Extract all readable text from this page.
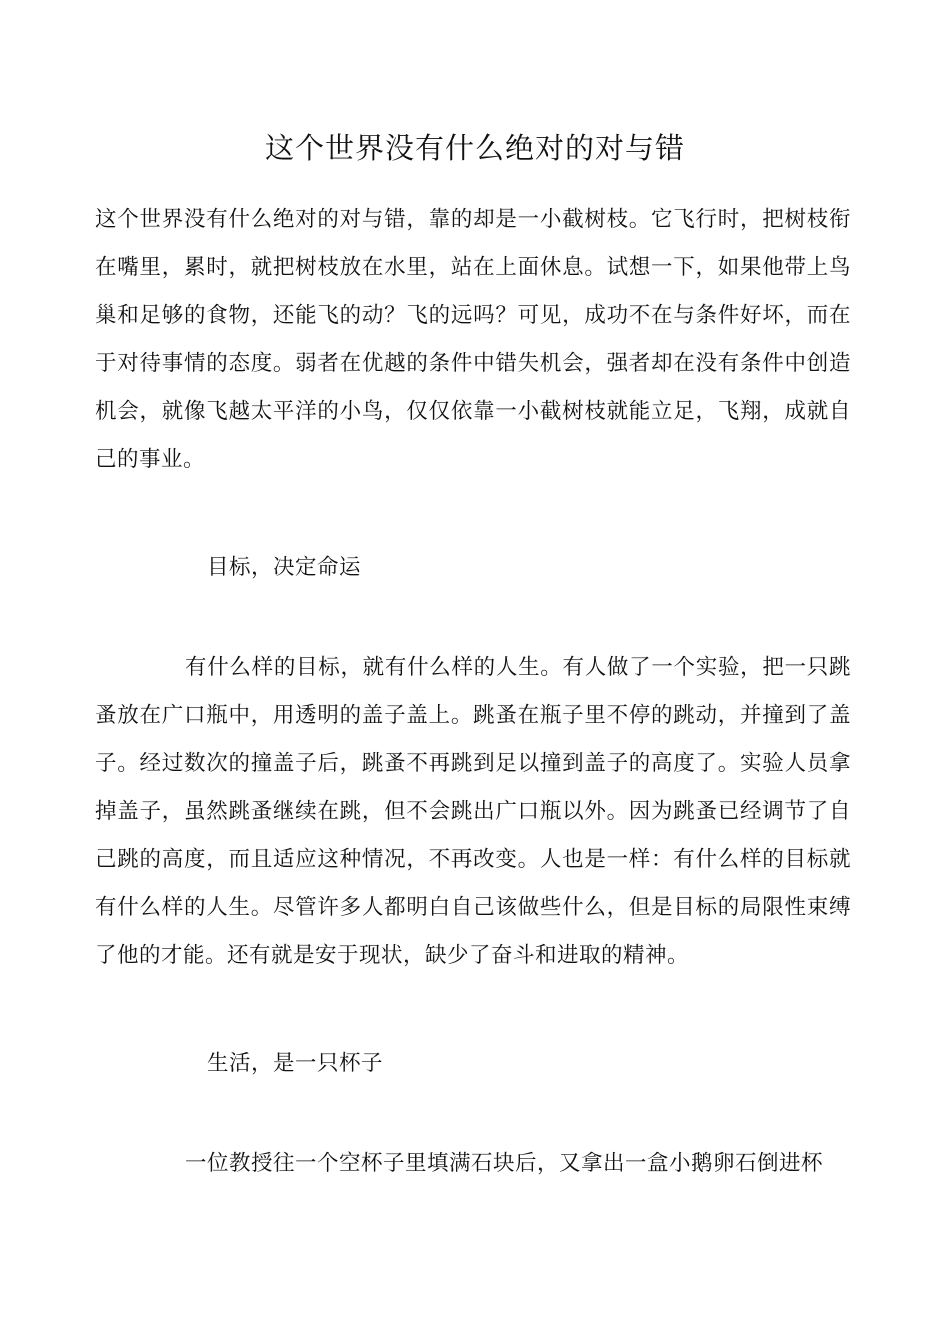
这个世界没有什么绝对的对与错

这个世界没有什么绝对的对与错，靠的却是一小截树枝。它飞行时，把树枝衔在嘴里，累时，就把树枝放在水里，站在上面休息。试想一下，如果他带上鸟巢和足够的食物，还能飞的动？飞的远吗？可见，成功不在与条件好坏，而在于对待事情的态度。弱者在优越的条件中错失机会，强者却在没有条件中创造机会，就像飞越太平洋的小鸟，仅仅依靠一小截树枝就能立足，飞翔，成就自己的事业。

目标，决定命运

有什么样的目标，就有什么样的人生。有人做了一个实验，把一只跳蚤放在广口瓶中，用透明的盖子盖上。跳蚤在瓶子里不停的跳动，并撞到了盖子。经过数次的撞盖子后，跳蚤不再跳到足以撞到盖子的高度了。实验人员拿掉盖子，虽然跳蚤继续在跳，但不会跳出广口瓶以外。因为跳蚤已经调节了自己跳的高度，而且适应这种情况，不再改变。人也是一样：有什么样的目标就有什么样的人生。尽管许多人都明白自己该做些什么，但是目标的局限性束缚了他的才能。还有就是安于现状，缺少了奋斗和进取的精神。

生活，是一只杯子

一位教授往一个空杯子里填满石块后，又拿出一盒小鹅卵石倒进杯
